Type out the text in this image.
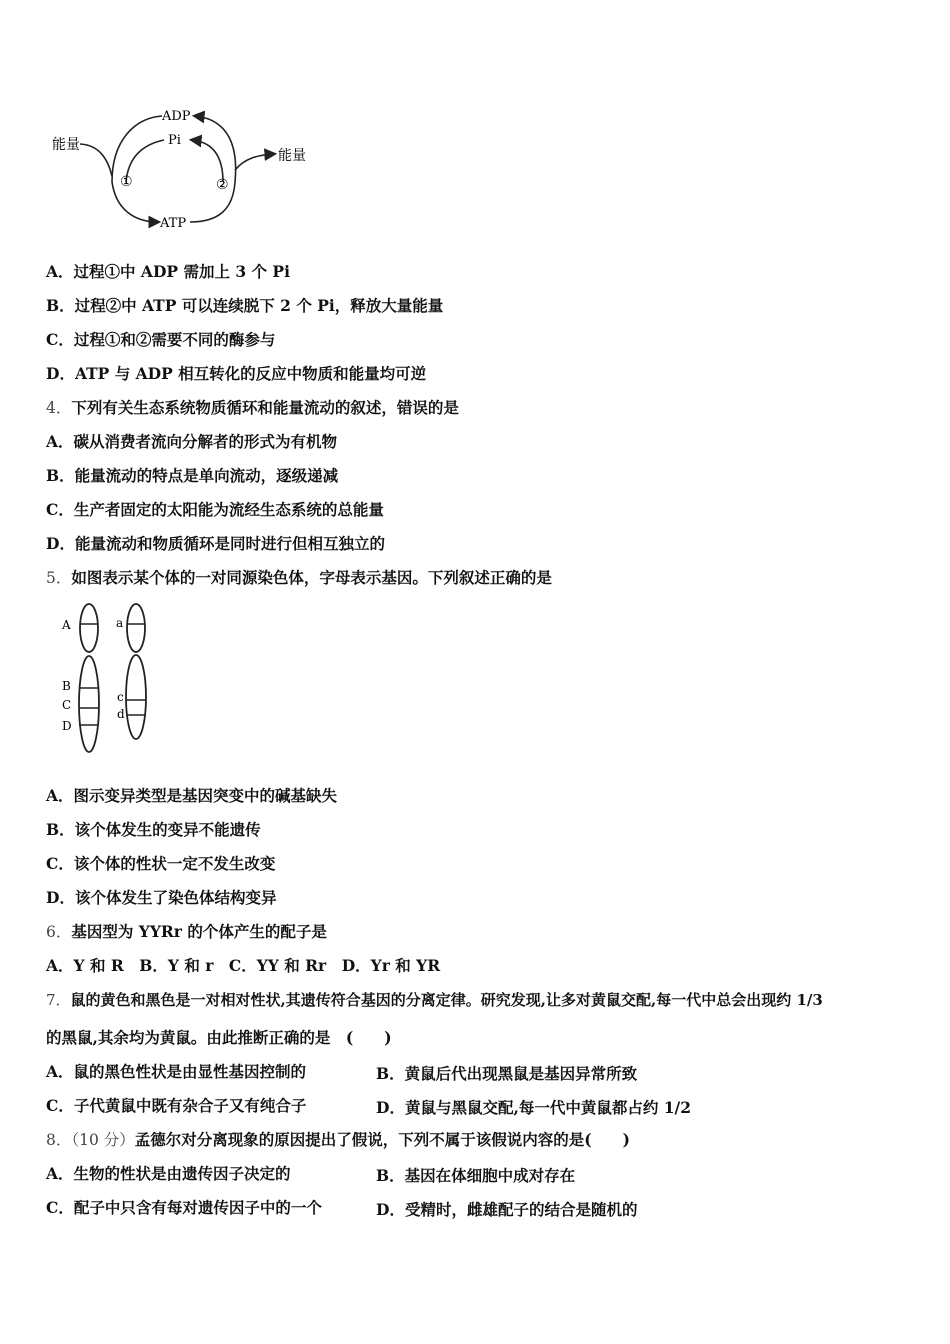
能量
能量
ADP
Pi
ATP
①	②
A．过程①中 ADP 需加上 3 个 Pi
B．过程②中 ATP 可以连续脱下 2 个 Pi，释放大量能量
C．过程①和②需要不同的酶参与
D．ATP 与 ADP 相互转化的反应中物质和能量均可逆
4．下列有关生态系统物质循环和能量流动的叙述，错误的是
A．碳从消费者流向分解者的形式为有机物
B．能量流动的特点是单向流动，逐级递减
C．生产者固定的太阳能为流经生态系统的总能量
D．能量流动和物质循环是同时进行但相互独立的
5．如图表示某个体的一对同源染色体，字母表示基因。下列叙述正确的是
A
B
C
D
a
c
d
A．图示变异类型是基因突变中的碱基缺失
B．该个体发生的变异不能遗传
C．该个体的性状一定不发生改变
D．该个体发生了染色体结构变异
6．基因型为 YYRr 的个体产生的配子是
A．Y 和 R　B．Y 和 r　C．YY 和 Rr　D．Yr 和 YR
7．鼠的黄色和黑色是一对相对性状,其遗传符合基因的分离定律。研究发现,让多对黄鼠交配,每一代中总会出现约 1/3
的黑鼠,其余均为黄鼠。由此推断正确的是　(　　)
A．鼠的黑色性状是由显性基因控制的	B．黄鼠后代出现黑鼠是基因异常所致
C．子代黄鼠中既有杂合子又有纯合子	D．黄鼠与黑鼠交配,每一代中黄鼠都占约 1/2
8．（10 分）孟德尔对分离现象的原因提出了假说，下列不属于该假说内容的是(　　)
A．生物的性状是由遗传因子决定的	B．基因在体细胞中成对存在
C．配子中只含有每对遗传因子中的一个	D．受精时，雌雄配子的结合是随机的
